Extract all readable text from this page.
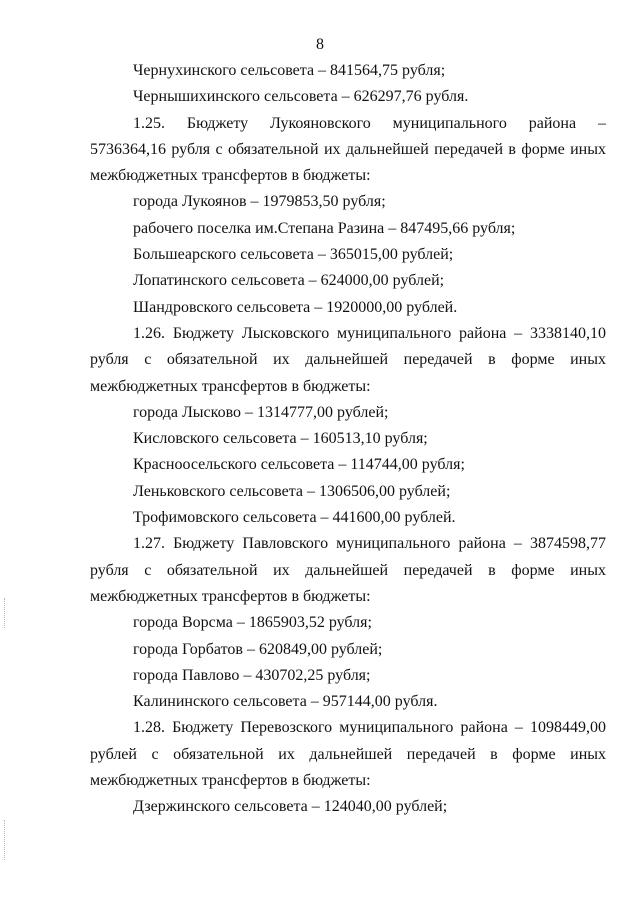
8
Чернухинского сельсовета – 841564,75 рубля;
Чернышихинского сельсовета – 626297,76 рубля.
1.25. Бюджету Лукояновского муниципального района –
5736364,16 рубля с обязательной их дальнейшей передачей в форме иных
межбюджетных трансфертов в бюджеты:
города Лукоянов – 1979853,50 рубля;
рабочего поселка им.Степана Разина – 847495,66 рубля;
Большеарского сельсовета – 365015,00 рублей;
Лопатинского сельсовета – 624000,00 рублей;
Шандровского сельсовета – 1920000,00 рублей.
1.26. Бюджету Лысковского муниципального района – 3338140,10
рубля с обязательной их дальнейшей передачей в форме иных
межбюджетных трансфертов в бюджеты:
города Лысково – 1314777,00 рублей;
Кисловского сельсовета – 160513,10 рубля;
Красноосельского сельсовета – 114744,00 рубля;
Леньковского сельсовета – 1306506,00 рублей;
Трофимовского сельсовета – 441600,00 рублей.
1.27. Бюджету Павловского муниципального района – 3874598,77
рубля с обязательной их дальнейшей передачей в форме иных
межбюджетных трансфертов в бюджеты:
города Ворсма – 1865903,52 рубля;
города Горбатов – 620849,00 рублей;
города Павлово – 430702,25 рубля;
Калининского сельсовета – 957144,00 рубля.
1.28. Бюджету Перевозского муниципального района – 1098449,00
рублей с обязательной их дальнейшей передачей в форме иных
межбюджетных трансфертов в бюджеты:
Дзержинского сельсовета – 124040,00 рублей;
